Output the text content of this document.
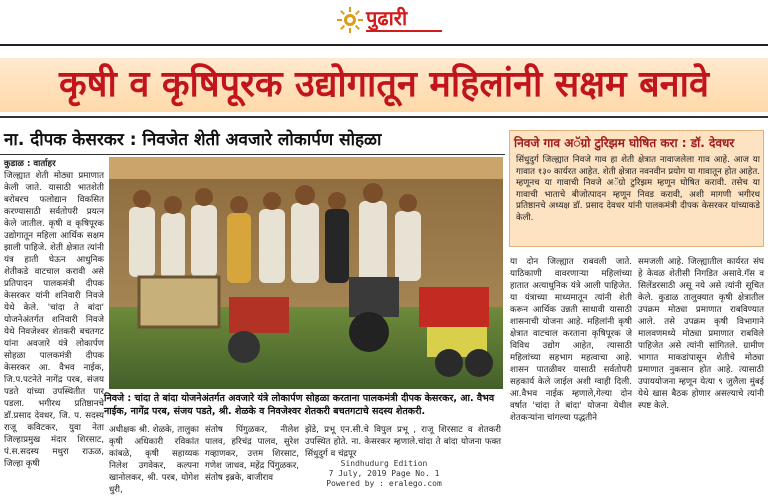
पुढारी
कृषी व कृषिपूरक उद्योगातून महिलांनी सक्षम बनावे
ना. दीपक केसरकर : निवजेत शेती अवजारे लोकार्पण सोहळा
कुडाळ : वार्ताहर
जिल्ह्यात शेती मोठ्या प्रमाणात केली जाते. यासाठी भातशेती बरोबरच फलोद्यान विकसित करण्यासाठी सर्वतोपरी प्रयत्न केले जातील. कृषी व कृषिपूरक उद्योगातून महिला आर्थिक सक्षम झाली पाहिजे. शेती क्षेत्रात त्यांनी यंत्र हाती घेऊन आधुनिक शेतीकडे वाटचाल करावी असे प्रतिपादन पालकमंत्री दीपक केसरकर यांनी शनिवारी निवजे येथे केले. 'चांदा ते बांदा' योजनेअंतर्गत शनिवारी निवजे येथे निवजेश्वर शेतकरी बचतगट यांना अवजारे यंत्रे लोकार्पण सोहळा पालकमंत्री दीपक केसरकर आ. वैभव नाईक, जि.प.पटनेते नागेंद्र परब, संजय पडते यांच्या उपस्थितीत पार पडला. भगीरथ प्रतिष्ठानचे डॉ.प्रसाद देवधर, जि. प. सदस्य राजू कविटकर, युवा नेता जिल्हाप्रमुख मंदार शिरसाट, पं.स.सदस्य मथुरा राऊळ, जिल्हा कृषी
निवजे : चांदा ते बांदा योजनेअंतर्गत अवजारे यंत्रे लोकार्पण सोहळा करताना पालकमंत्री दीपक केसरकर, आ. वैभव नाईक, नागेंद्र परब, संजय पडते, श्री. शेळके व निवजेश्वर शेतकरी बचतगटाचे सदस्य शेतकरी.
अधीक्षक श्री. शेळके, तालुका कृषी अधिकारी रविकांत कांबळे, कृषी सहाय्यक निलेश उगवेकर, कल्पना खानोलकर, श्री. परब, योगेश धुरी,
संतोष पिंगुळकर, नीलेश पालव, हरिचंद्र पालव, सुरेश गव्हाणकर, उत्तम शिरसाट, गणेश जाधव, महेंद्र पिंगुळकर, संतोष इब्रके, बाजीराव
झेंडे, प्रभू एन.सी.चे विपुल प्रभू , राजू शिरसाट व शेतकरी उपस्थित होते. ना. केसरकर म्हणाले.चांदा ते बांदा योजना फक्त सिंधुदुर्ग व चंद्रपूर
या दोन जिल्ह्यात राबवली जाते. याठिकाणी वावरणाऱ्या महिलांच्या हातात अत्याधुनिक यंत्रे आली पाहिजेत. या यंत्राच्या माध्यमातून त्यांनी शेती करून आर्थिक उन्नती साधावी यासाठी शासनाची योजना आहे. महिलांनी कृषी क्षेत्रात वाटचाल करताना कृषिपूरक जे विविध उद्योग आहेत, त्यासाठी महिलांच्या सहभाग महत्वाचा आहे. शासन पातळीवर यासाठी सर्वतोपरी सहकार्य केले जाईल अशी ग्वाही दिली. आ.वैभव नाईक म्हणाले,गेल्या दोन वर्षात 'चांदा ते बांदा' योजना येथील शेतकऱ्यांना चांगल्या पद्धतीने
समजली आहे. जिल्ह्यातील कार्यरत संघ हे केवळ शेतीसी निगडित असावे.गॅस व सिलेंडरसाठी असू नये असे त्यांनी सूचित केले. कुडाळ तालुक्यात कृषी क्षेत्रातील उपक्रम मोठ्या प्रमाणात राबविण्यात आले. तसे उपक्रम कृषी विभागाने मालवणमध्ये मोठ्या प्रमाणात राबविले पाहिजेत असे त्यांनी सांगितले. ग्रामीण भागात माकडांपासून शेतीचे मोठ्या प्रमाणात नुकसान होत आहे. त्यासाठी उपाययोजना म्हणून येत्या ९ जुलैला मुंबई येथे खास बैठक होणार असल्याचे त्यांनी स्पष्ट केले.
निवजे गाव अॅग्रो टुरिझम घोषित करा : डॉ. देवधर
सिंधुदुर्ग जिल्ह्यात निवजे गाव हा शेती क्षेत्रात नावाजलेला गाव आहे. आज या गावात १३० कार्यरत आहेत. शेती क्षेत्रात नवनवीन प्रयोग या गावातून होत आहेत. म्हणूनच या गावाची निवजे अॅग्रो टुरिझम म्हणून घोषित करावी. तसेच या गावाची भाताचे बीजोत्पादन म्हणून निवड करावी, अशी मागणी भगीरथ प्रतिष्ठानचे अध्यक्ष डॉ. प्रसाद देवधर यांनी पालकमंत्री दीपक केसरकर यांच्याकडे केली.
Sindhudurg Edition
7 July, 2019 Page No. 1
Powered by : eralego.com
